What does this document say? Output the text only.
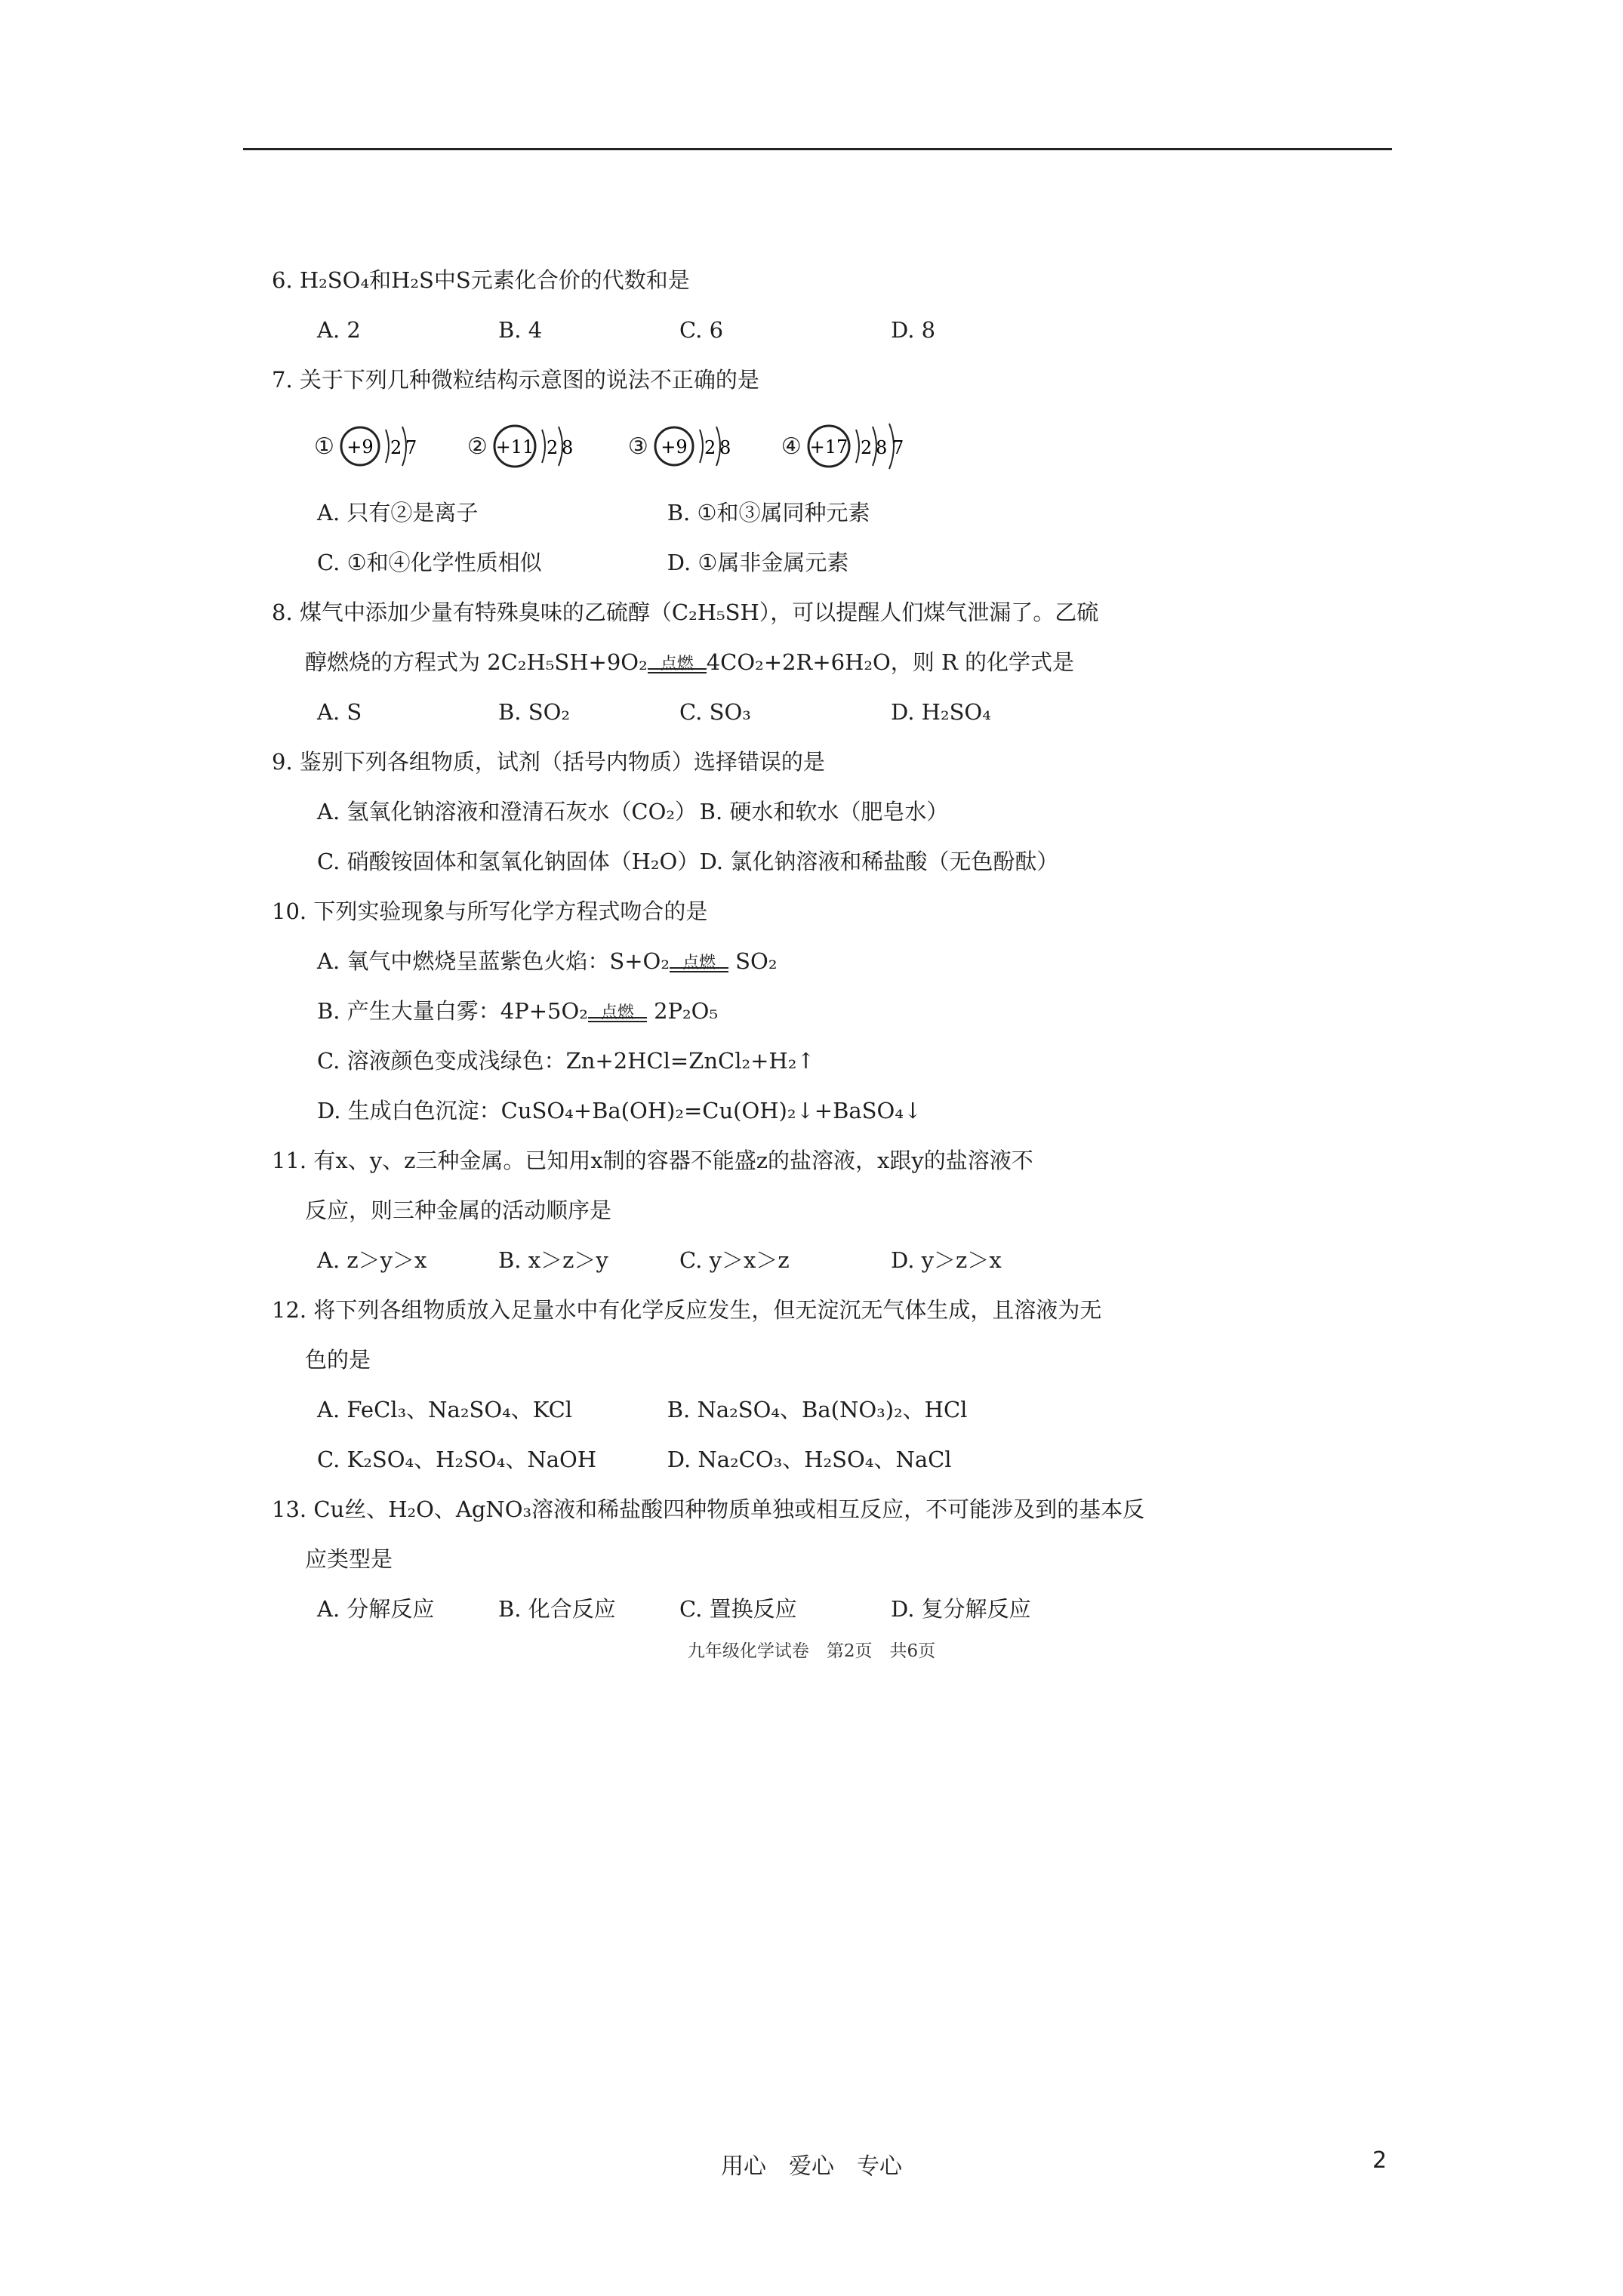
6. H₂SO₄和H₂S中S元素化合价的代数和是
A. 2	B. 4	C. 6	D. 8
7. 关于下列几种微粒结构示意图的说法不正确的是
① +9 2 7 ② +11 2 8 ③ +9 2 8 ④ +17 2 8 7
A. 只有②是离子	B. ①和③属同种元素
C. ①和④化学性质相似	D. ①属非金属元素
8. 煤气中添加少量有特殊臭味的乙硫醇（C₂H₅SH），可以提醒人们煤气泄漏了。乙硫
醇燃烧的方程式为 2C₂H₅SH+9O₂ 点燃 4CO₂+2R+6H₂O，则 R 的化学式是
A. S	B. SO₂	C. SO₃	D. H₂SO₄
9. 鉴别下列各组物质，试剂（括号内物质）选择错误的是
A. 氢氧化钠溶液和澄清石灰水（CO₂） B. 硬水和软水（肥皂水）
C. 硝酸铵固体和氢氧化钠固体（H₂O） D. 氯化钠溶液和稀盐酸（无色酚酞）
10. 下列实验现象与所写化学方程式吻合的是
A. 氧气中燃烧呈蓝紫色火焰：S+O₂ 点燃 SO₂
B. 产生大量白雾：4P+5O₂ 点燃 2P₂O₅
C. 溶液颜色变成浅绿色：Zn+2HCl=ZnCl₂+H₂↑
D. 生成白色沉淀：CuSO₄+Ba(OH)₂=Cu(OH)₂↓+BaSO₄↓
11. 有x、y、z三种金属。已知用x制的容器不能盛z的盐溶液，x跟y的盐溶液不
反应，则三种金属的活动顺序是
A. z＞y＞x	B. x＞z＞y	C. y＞x＞z	D. y＞z＞x
12. 将下列各组物质放入足量水中有化学反应发生，但无淀沉无气体生成，且溶液为无
色的是
A. FeCl₃、Na₂SO₄、KCl	B. Na₂SO₄、Ba(NO₃)₂、HCl
C. K₂SO₄、H₂SO₄、NaOH	D. Na₂CO₃、H₂SO₄、NaCl
13. Cu丝、H₂O、AgNO₃溶液和稀盐酸四种物质单独或相互反应，不可能涉及到的基本反
应类型是
A. 分解反应	B. 化合反应	C. 置换反应	D. 复分解反应
九年级化学试卷　第2页　共6页
用心　爱心　专心	2
